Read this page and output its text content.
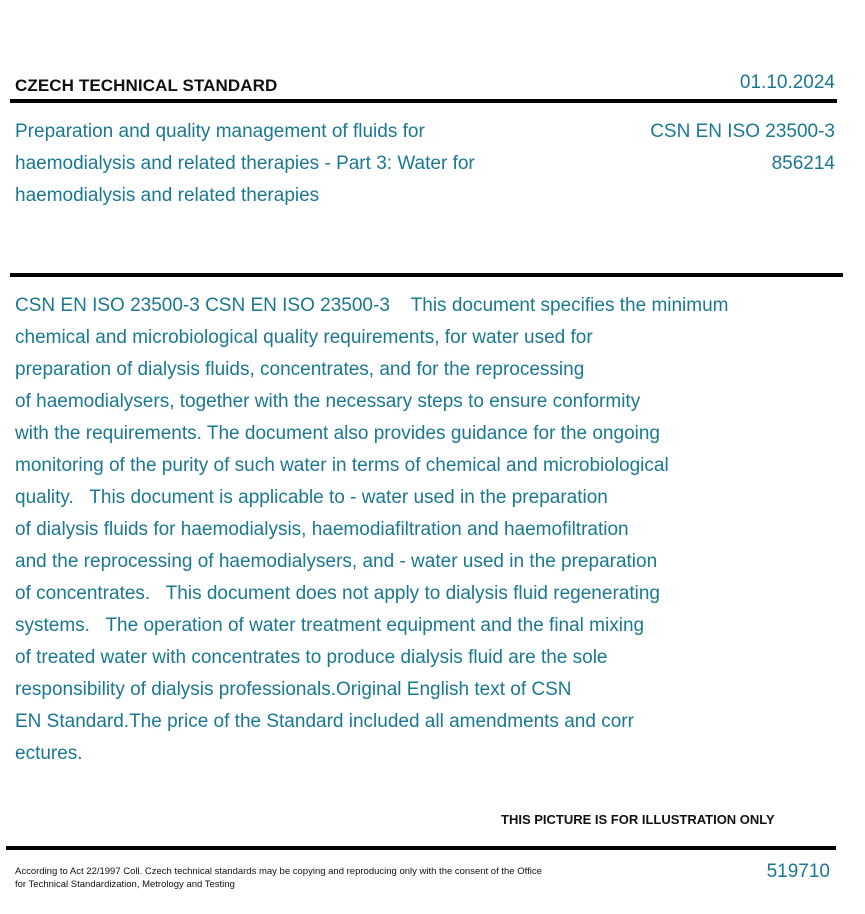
CZECH TECHNICAL STANDARD	01.10.2024
Preparation and quality management of fluids for haemodialysis and related therapies - Part 3: Water for haemodialysis and related therapies
CSN EN ISO 23500-3
856214
CSN EN ISO 23500-3 CSN EN ISO 23500-3    This document specifies the minimum
chemical and microbiological quality requirements, for water used for
preparation of dialysis fluids, concentrates, and for the reprocessing
of haemodialysers, together with the necessary steps to ensure conformity
with the requirements. The document also provides guidance for the ongoing
monitoring of the purity of such water in terms of chemical and microbiological
quality.   This document is applicable to - water used in the preparation
of dialysis fluids for haemodialysis, haemodiafiltration and haemofiltration
and the reprocessing of haemodialysers, and - water used in the preparation
of concentrates.   This document does not apply to dialysis fluid regenerating
systems.   The operation of water treatment equipment and the final mixing
of treated water with concentrates to produce dialysis fluid are the sole
responsibility of dialysis professionals.Original English text of CSN
EN Standard.The price of the Standard included all amendments and corr
ectures.
THIS PICTURE IS FOR ILLUSTRATION ONLY
According to Act 22/1997 Coll. Czech technical standards may be copying and reproducing only with the consent of the Office
for Technical Standardization, Metrology and Testing
519710
